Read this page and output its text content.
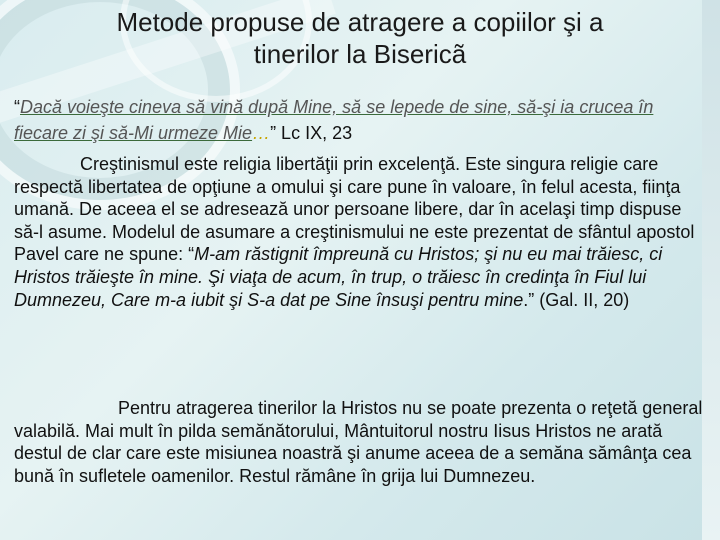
Metode propuse de atragere a copiilor şi a
tinerilor la Bisericã

“Dacă voieşte cineva să vină după Mine, să se lepede de sine, să-şi ia crucea în fiecare zi şi să-Mi urmeze Mie…” Lc IX, 23

Creştinismul este religia libertăţii prin excelenţă. Este singura religie care respectă libertatea de opţiune a omului şi care pune în valoare, în felul acesta, fiinţa umană. De aceea el se adresează unor persoane libere, dar în acelaşi timp dispuse să-l asume. Modelul de asumare a creştinismului ne este prezentat de sfântul apostol Pavel care ne spune: “M-am răstignit împreună cu Hristos; şi nu eu mai trăiesc, ci Hristos trăieşte în mine. Şi viaţa de acum, în trup, o trăiesc în credinţa în Fiul lui Dumnezeu, Care m-a iubit şi S-a dat pe Sine însuşi pentru mine.” (Gal. II, 20)

Pentru atragerea tinerilor la Hristos nu se poate prezenta o reţetă general valabilă. Mai mult în pilda semănătorului, Mântuitorul nostru Iisus Hristos ne arată destul de clar care este misiunea noastră şi anume aceea de a semăna sămânţa cea bună în sufletele oamenilor. Restul rămâne în grija lui Dumnezeu.
